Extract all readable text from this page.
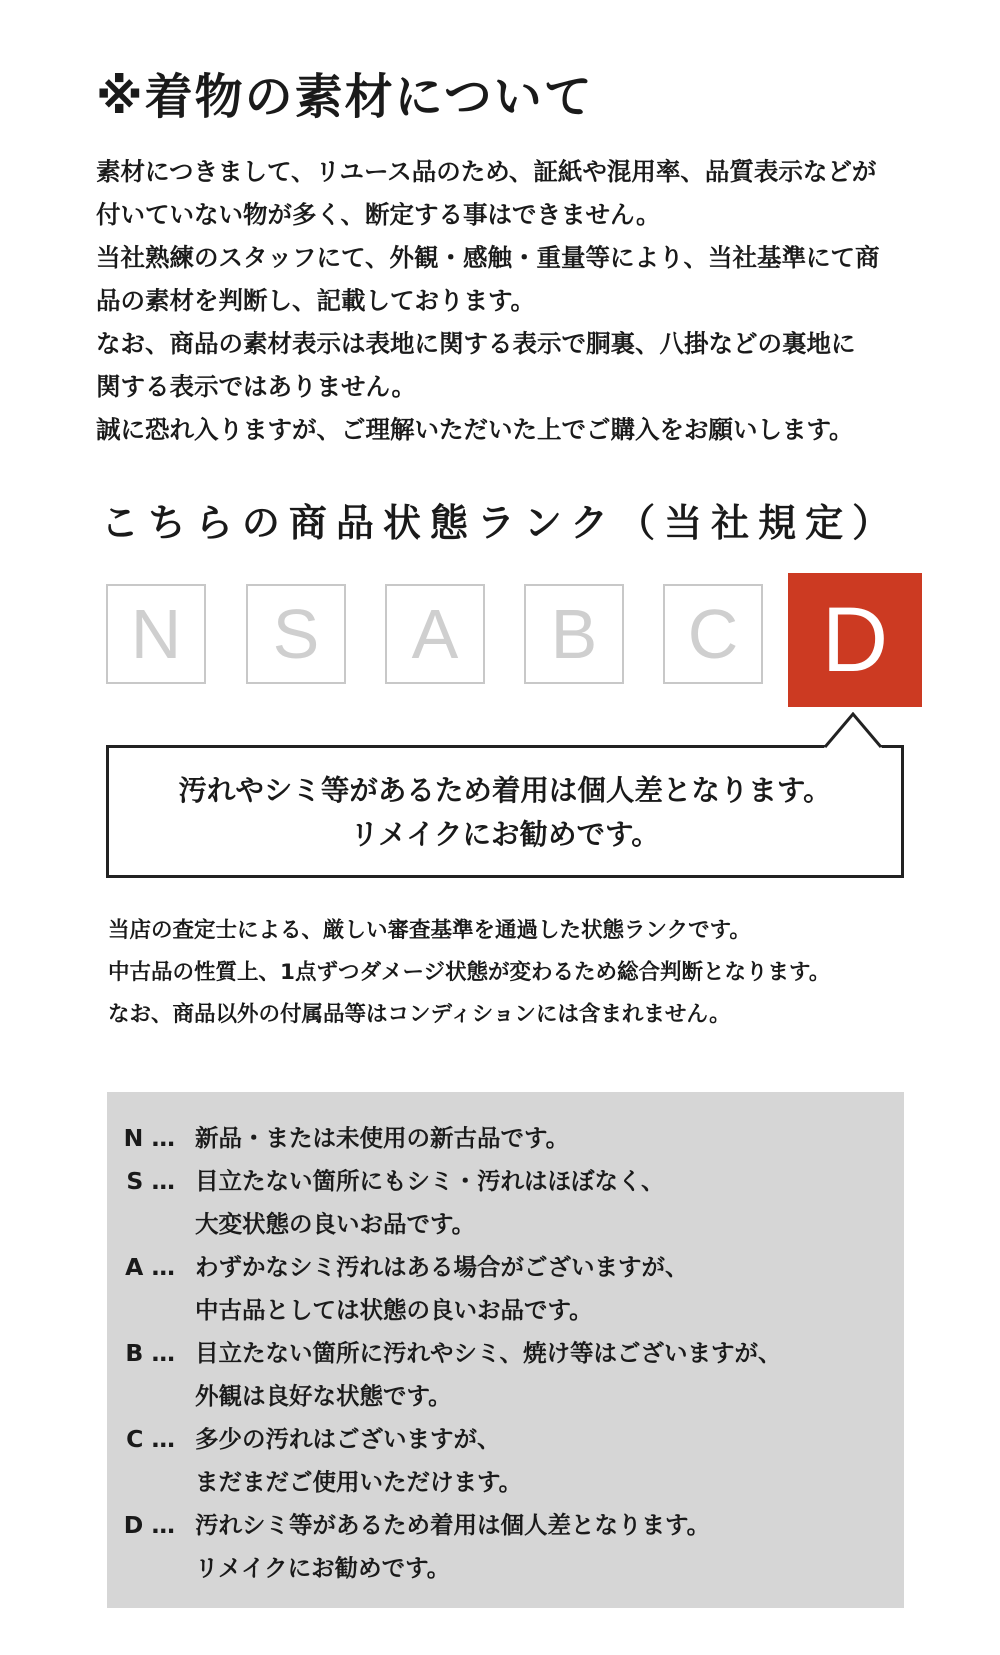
※着物の素材について
素材につきまして、リユース品のため、証紙や混用率、品質表示などが
付いていない物が多く、断定する事はできません。
当社熟練のスタッフにて、外観・感触・重量等により、当社基準にて商
品の素材を判断し、記載しております。
なお、商品の素材表示は表地に関する表示で胴裏、八掛などの裏地に
関する表示ではありません。
誠に恐れ入りますが、ご理解いただいた上でご購入をお願いします。
こちらの商品状態ランク（当社規定）
N	S	A	B	C D
汚れやシミ等があるため着用は個人差となります。
リメイクにお勧めです。
当店の査定士による、厳しい審査基準を通過した状態ランクです。
中古品の性質上、1点ずつダメージ状態が変わるため総合判断となります。
なお、商品以外の付属品等はコンディションには含まれません。
N … 新品・または未使用の新古品です。
S … 目立たない箇所にもシミ・汚れはほぼなく、
大変状態の良いお品です。
A … わずかなシミ汚れはある場合がございますが、
中古品としては状態の良いお品です。
B … 目立たない箇所に汚れやシミ、焼け等はございますが、
外観は良好な状態です。
C … 多少の汚れはございますが、
まだまだご使用いただけます。
D … 汚れシミ等があるため着用は個人差となります。
リメイクにお勧めです。
